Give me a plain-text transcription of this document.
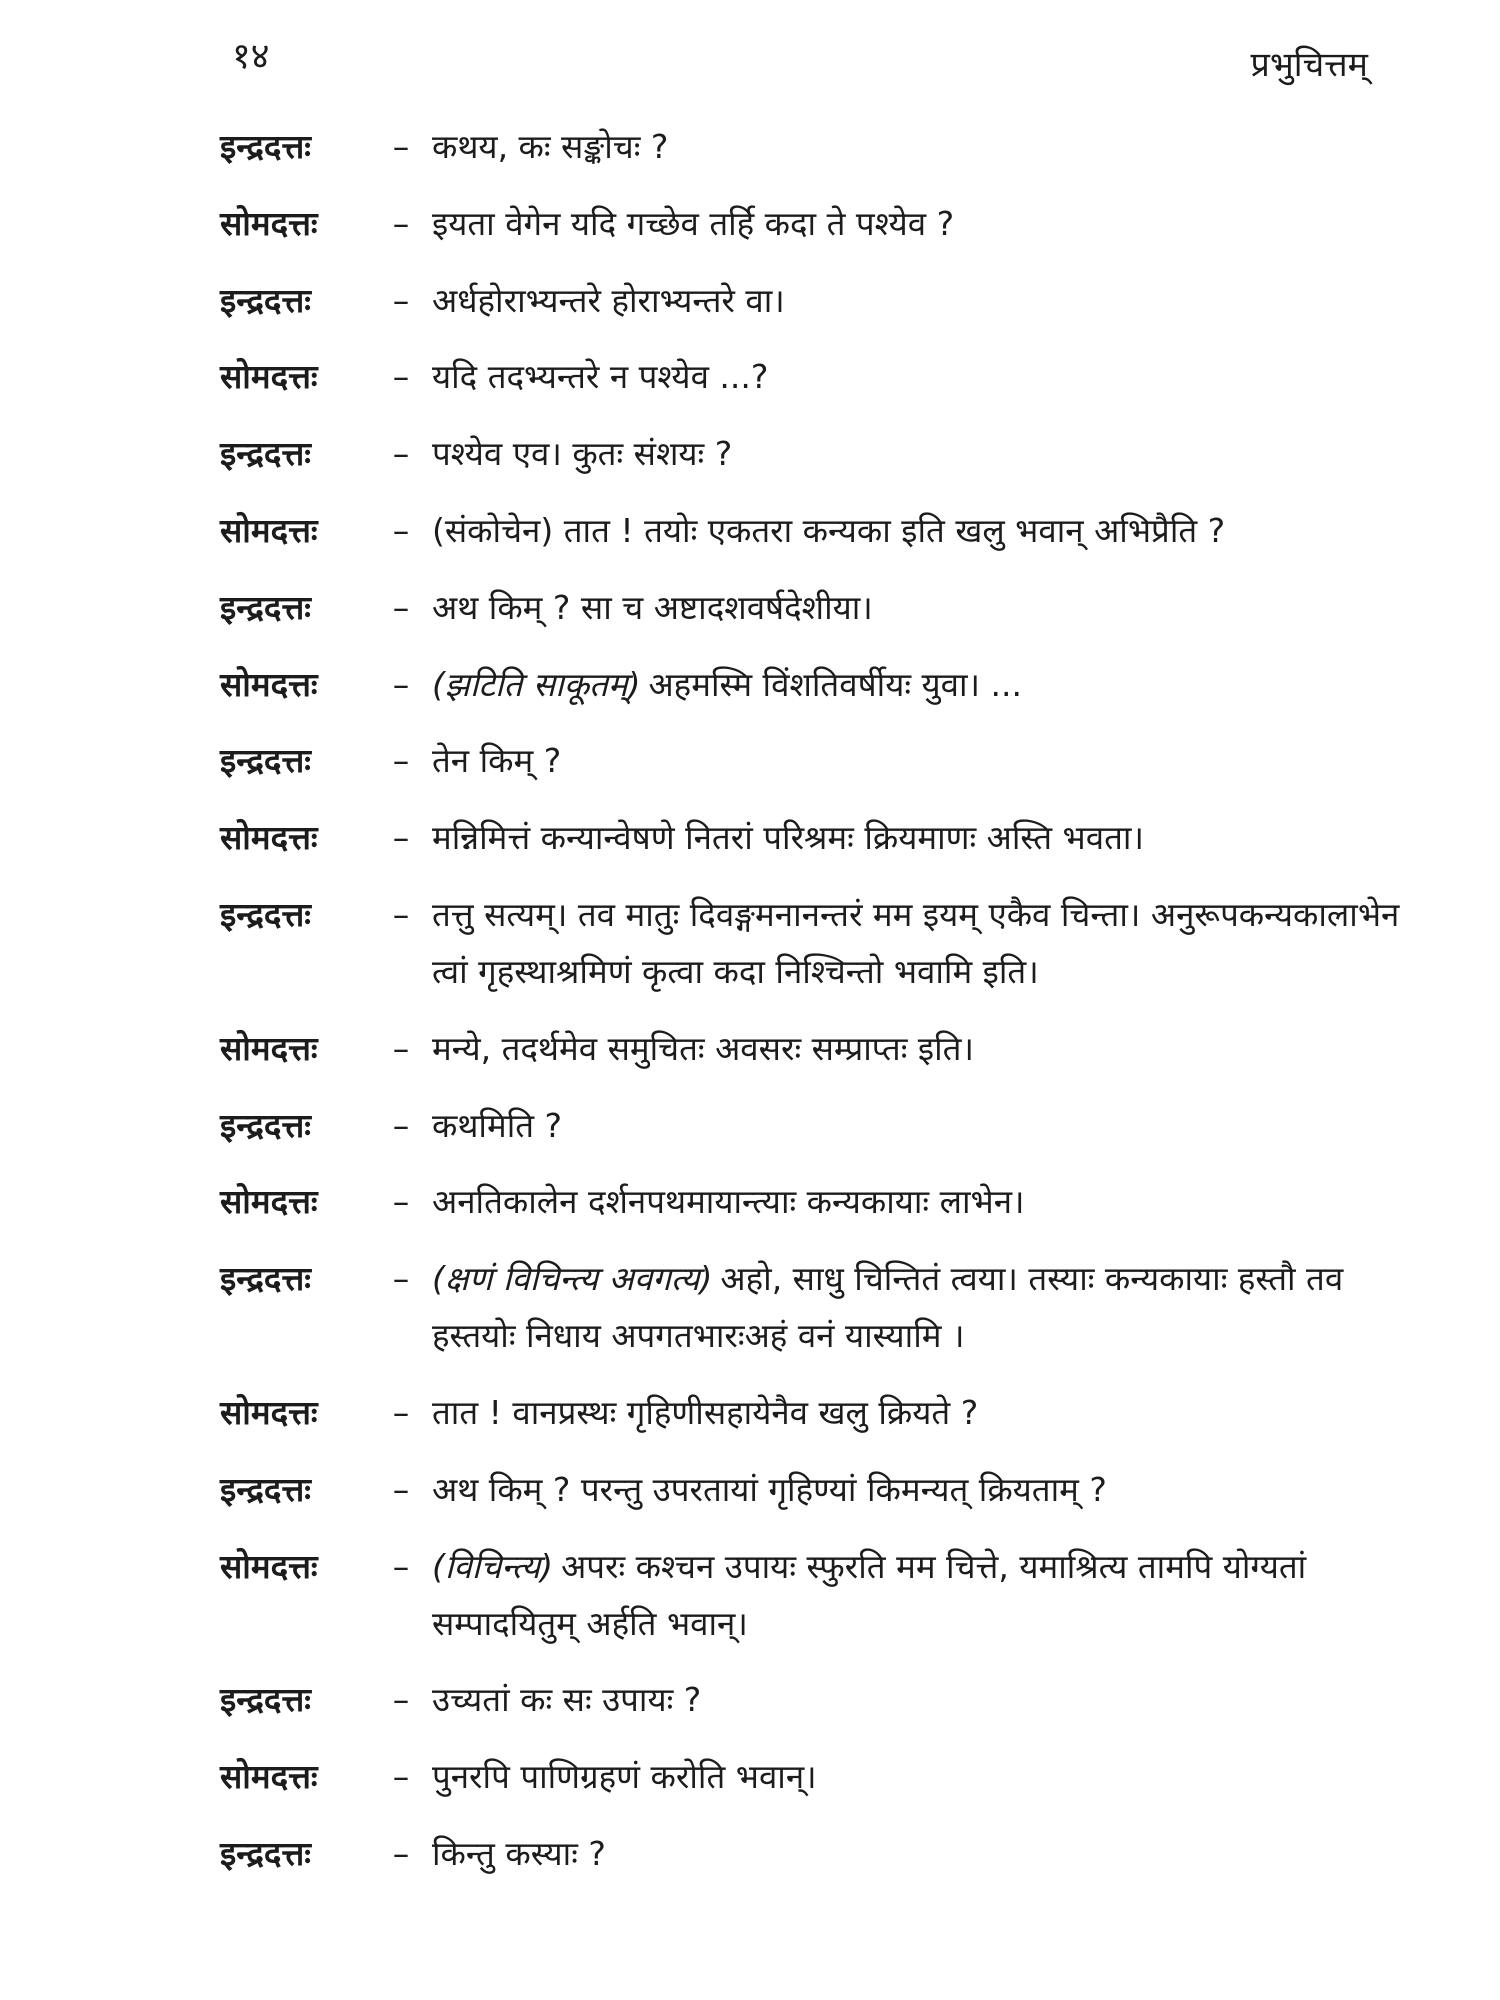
१४	प्रभुचित्तम्
इन्द्रदत्तः	– कथय, कः सङ्कोचः ?
सोमदत्तः	– इयता वेगेन यदि गच्छेव तर्हि कदा ते पश्येव ?
इन्द्रदत्तः	– अर्धहोराभ्यन्तरे होराभ्यन्तरे वा।
सोमदत्तः	– यदि तदभ्यन्तरे न पश्येव ...?
इन्द्रदत्तः	– पश्येव एव। कुतः संशयः ?
सोमदत्तः	– (संकोचेन) तात ! तयोः एकतरा कन्यका इति खलु भवान् अभिप्रैति ?
इन्द्रदत्तः	– अथ किम् ? सा च अष्टादशवर्षदेशीया।
सोमदत्तः	– (झटिति साकूतम्) अहमस्मि विंशतिवर्षीयः युवा। ...
इन्द्रदत्तः	– तेन किम् ?
सोमदत्तः	– मन्निमित्तं कन्यान्वेषणे नितरां परिश्रमः क्रियमाणः अस्ति भवता।
इन्द्रदत्तः	– तत्तु सत्यम्। तव मातुः दिवङ्गमनानन्तरं मम इयम् एकैव चिन्ता। अनुरूपकन्यकालाभेन त्वां गृहस्थाश्रमिणं कृत्वा कदा निश्चिन्तो भवामि इति।
सोमदत्तः	– मन्ये, तदर्थमेव समुचितः अवसरः सम्प्राप्तः इति।
इन्द्रदत्तः	– कथमिति ?
सोमदत्तः	– अनतिकालेन दर्शनपथमायान्त्याः कन्यकायाः लाभेन।
इन्द्रदत्तः	– (क्षणं विचिन्त्य अवगत्य) अहो, साधु चिन्तितं त्वया। तस्याः कन्यकायाः हस्तौ तव हस्तयोः निधाय अपगतभारःअहं वनं यास्यामि ।
सोमदत्तः	– तात ! वानप्रस्थः गृहिणीसहायेनैव खलु क्रियते ?
इन्द्रदत्तः	– अथ किम् ? परन्तु उपरतायां गृहिण्यां किमन्यत् क्रियताम् ?
सोमदत्तः	– (विचिन्त्य) अपरः कश्चन उपायः स्फुरति मम चित्ते, यमाश्रित्य तामपि योग्यतां सम्पादयितुम् अर्हति भवान्।
इन्द्रदत्तः	– उच्यतां कः सः उपायः ?
सोमदत्तः	– पुनरपि पाणिग्रहणं करोति भवान्।
इन्द्रदत्तः	– किन्तु कस्याः ?
